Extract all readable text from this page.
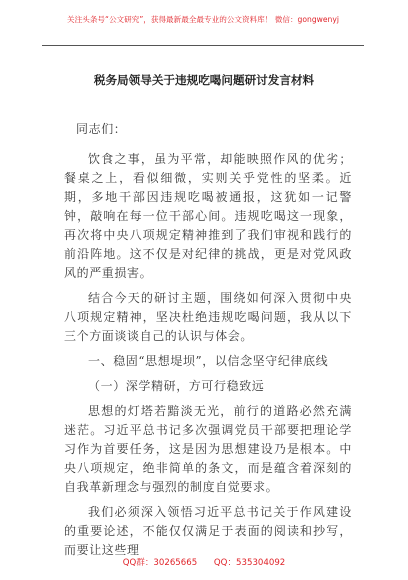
关注头条号“公文研究”，获得最新最全最专业的公文资料库！ 微信：gongwenyj
税务局领导关于违规吃喝问题研讨发言材料

同志们：

饮食之事，虽为平常，却能映照作风的优劣；餐桌之上，看似细微，实则关乎党性的坚柔。近期，多地干部因违规吃喝被通报，这犹如一记警钟，敲响在每一位干部心间。违规吃喝这一现象，再次将中央八项规定精神推到了我们审视和践行的前沿阵地。这不仅是对纪律的挑战，更是对党风政风的严重损害。

结合今天的研讨主题，围绕如何深入贯彻中央八项规定精神，坚决杜绝违规吃喝问题，我从以下三个方面谈谈自己的认识与体会。

一、稳固“思想堤坝”，以信念坚守纪律底线

（一）深学精研，方可行稳致远

思想的灯塔若黯淡无光，前行的道路必然充满迷茫。习近平总书记多次强调党员干部要把理论学习作为首要任务，这是因为思想建设乃是根本。中央八项规定，绝非简单的条文，而是蕴含着深刻的自我革新理念与强烈的制度自觉要求。

我们必须深入领悟习近平总书记关于作风建设的重要论述，不能仅仅满足于表面的阅读和抄写，而要让这些理

QQ群：30265665 QQ：535304092
